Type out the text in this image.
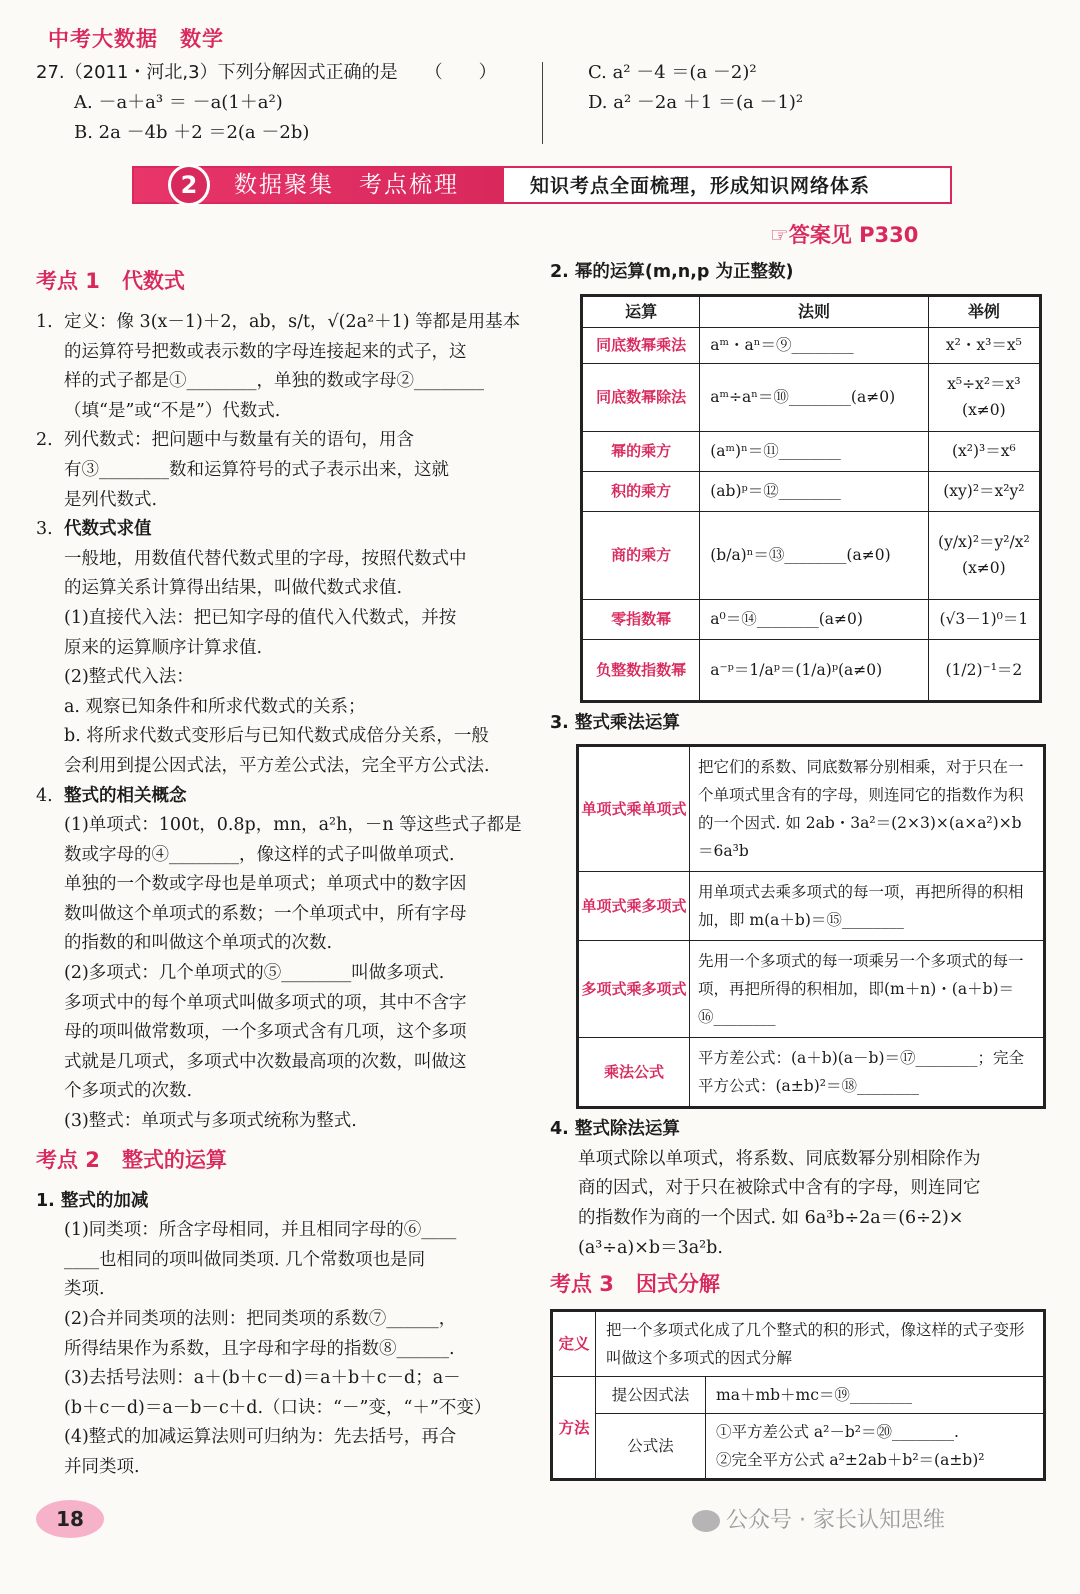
中考大数据　数学
27.（2011・河北,3）下列分解因式正确的是　　（　　）
A. －a＋a³ ＝ －a(1＋a²)
B. 2a －4b ＋2 ＝2(a －2b)
C. a² －4 ＝(a －2)²
D. a² －2a ＋1 ＝(a －1)²
2	数据聚集　考点梳理	知识考点全面梳理，形成知识网络体系
☞答案见 P330
考点 1 代数式
1. 定义：像 3(x－1)＋2，ab，s/t，√(2a²＋1) 等都是用基本
的运算符号把数或表示数的字母连接起来的式子，这
样的式子都是①________，单独的数或字母②________
（填“是”或“不是”）代数式.
2. 列代数式：把问题中与数量有关的语句，用含
有③________数和运算符号的式子表示出来，这就
是列代数式.
3. 代数式求值
一般地，用数值代替代数式里的字母，按照代数式中
的运算关系计算得出结果，叫做代数式求值.
(1)直接代入法：把已知字母的值代入代数式，并按
原来的运算顺序计算求值.
(2)整式代入法：
a. 观察已知条件和所求代数式的关系；
b. 将所求代数式变形后与已知代数式成倍分关系，一般
会利用到提公因式法，平方差公式法，完全平方公式法.
4. 整式的相关概念
(1)单项式：100t，0.8p，mn，a²h，－n 等这些式子都是
数或字母的④________，像这样的式子叫做单项式.
单独的一个数或字母也是单项式；单项式中的数字因
数叫做这个单项式的系数；一个单项式中，所有字母
的指数的和叫做这个单项式的次数.
(2)多项式：几个单项式的⑤________叫做多项式.
多项式中的每个单项式叫做多项式的项，其中不含字
母的项叫做常数项，一个多项式含有几项，这个多项
式就是几项式，多项式中次数最高项的次数，叫做这
个多项式的次数.
(3)整式：单项式与多项式统称为整式.
考点 2 整式的运算
1. 整式的加减
(1)同类项：所含字母相同，并且相同字母的⑥____
____也相同的项叫做同类项. 几个常数项也是同
类项.
(2)合并同类项的法则：把同类项的系数⑦______，
所得结果作为系数，且字母和字母的指数⑧______.
(3)去括号法则：a＋(b＋c－d)＝a＋b＋c－d；a－
(b＋c－d)＝a－b－c＋d.（口诀：“－”变，“＋”不变）
(4)整式的加减运算法则可归纳为：先去括号，再合
并同类项.
2. 幂的运算(m,n,p 为正整数)
运算	法则	举例
同底数幂乘法	aᵐ・aⁿ＝⑨________	x²・x³＝x⁵
同底数幂除法	aᵐ÷aⁿ＝⑩________(a≠0)	x⁵÷x²＝x³ (x≠0)
幂的乘方	(aᵐ)ⁿ＝⑪________	(x²)³＝x⁶
积的乘方	(ab)ᵖ＝⑫________	(xy)²＝x²y²
商的乘方	(b/a)ⁿ＝⑬________(a≠0)	(y/x)²＝y²/x² (x≠0)
零指数幂	a⁰＝⑭________(a≠0)	(√3－1)⁰＝1
负整数指数幂	a⁻ᵖ＝1/aᵖ＝(1/a)ᵖ(a≠0)	(1/2)⁻¹＝2
3. 整式乘法运算
单项式乘单项式	把它们的系数、同底数幂分别相乘，对于只在一个单项式里含有的字母，则连同它的指数作为积的一个因式. 如 2ab・3a²＝(2×3)×(a×a²)×b＝6a³b
单项式乘多项式	用单项式去乘多项式的每一项，再把所得的积相加，即 m(a＋b)＝⑮________
多项式乘多项式	先用一个多项式的每一项乘另一个多项式的每一项，再把所得的积相加，即(m＋n)・(a＋b)＝⑯________
乘法公式	平方差公式：(a＋b)(a－b)＝⑰________；完全平方公式：(a±b)²＝⑱________
4. 整式除法运算
单项式除以单项式，将系数、同底数幂分别相除作为
商的因式，对于只在被除式中含有的字母，则连同它
的指数作为商的一个因式. 如 6a³b÷2a＝(6÷2)×
(a³÷a)×b＝3a²b.
考点 3 因式分解
定义	把一个多项式化成了几个整式的积的形式，像这样的式子变形叫做这个多项式的因式分解	
方法	提公因式法	ma＋mb＋mc＝⑲________
	公式法	①平方差公式 a²－b²＝⑳________.
②完全平方公式 a²±2ab＋b²＝(a±b)²
18	公众号 · 家长认知思维
